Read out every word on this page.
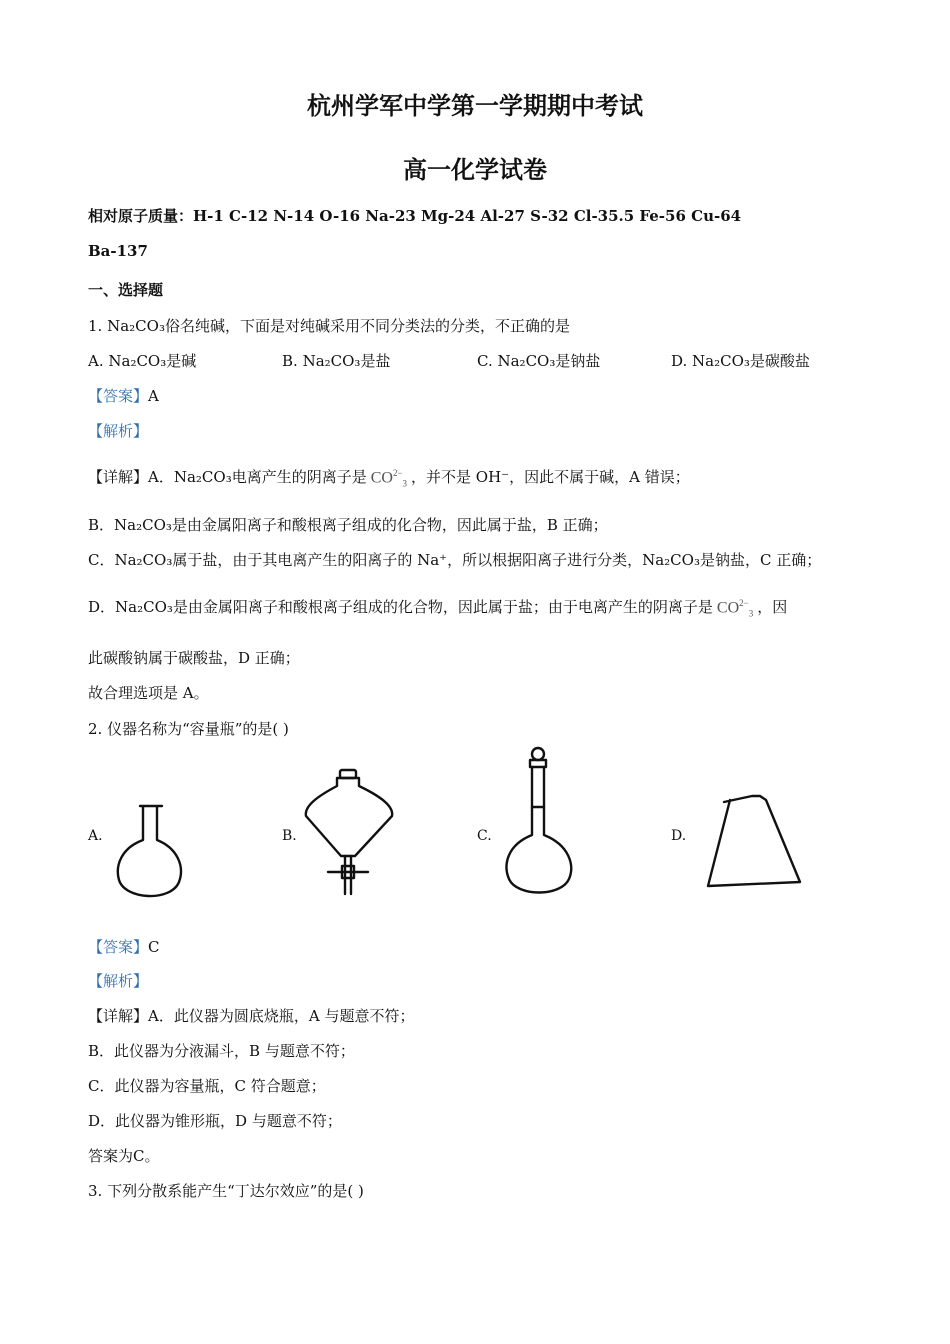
杭州学军中学第一学期期中考试
高一化学试卷
相对原子质量：H-1 C-12 N-14 O-16 Na-23 Mg-24 Al-27 S-32 Cl-35.5 Fe-56 Cu-64
Ba-137
一、选择题
1. Na₂CO₃俗名纯碱，下面是对纯碱采用不同分类法的分类，不正确的是
A. Na₂CO₃是碱	B. Na₂CO₃是盐	C. Na₂CO₃是钠盐	D. Na₂CO₃是碳酸盐
【答案】A
【解析】
【详解】A．Na₂CO₃电离产生的阴离子是 $CO^{2-}_3$ ，并不是 OH⁻，因此不属于碱，A 错误；
B．Na₂CO₃是由金属阳离子和酸根离子组成的化合物，因此属于盐，B 正确；
C．Na₂CO₃属于盐，由于其电离产生的阳离子的 Na⁺，所以根据阳离子进行分类，Na₂CO₃是钠盐，C 正确；
D．Na₂CO₃是由金属阳离子和酸根离子组成的化合物，因此属于盐；由于电离产生的阴离子是 $CO^{2-}_3$ ，因
此碳酸钠属于碳酸盐，D 正确；
故合理选项是 A。
2. 仪器名称为“容量瓶”的是( )
A.	B.	C.	D.
【答案】C
【解析】
【详解】A．此仪器为圆底烧瓶，A 与题意不符；
B．此仪器为分液漏斗，B 与题意不符；
C．此仪器为容量瓶，C 符合题意；
D．此仪器为锥形瓶，D 与题意不符；
答案为C。
3. 下列分散系能产生“丁达尔效应”的是( )
